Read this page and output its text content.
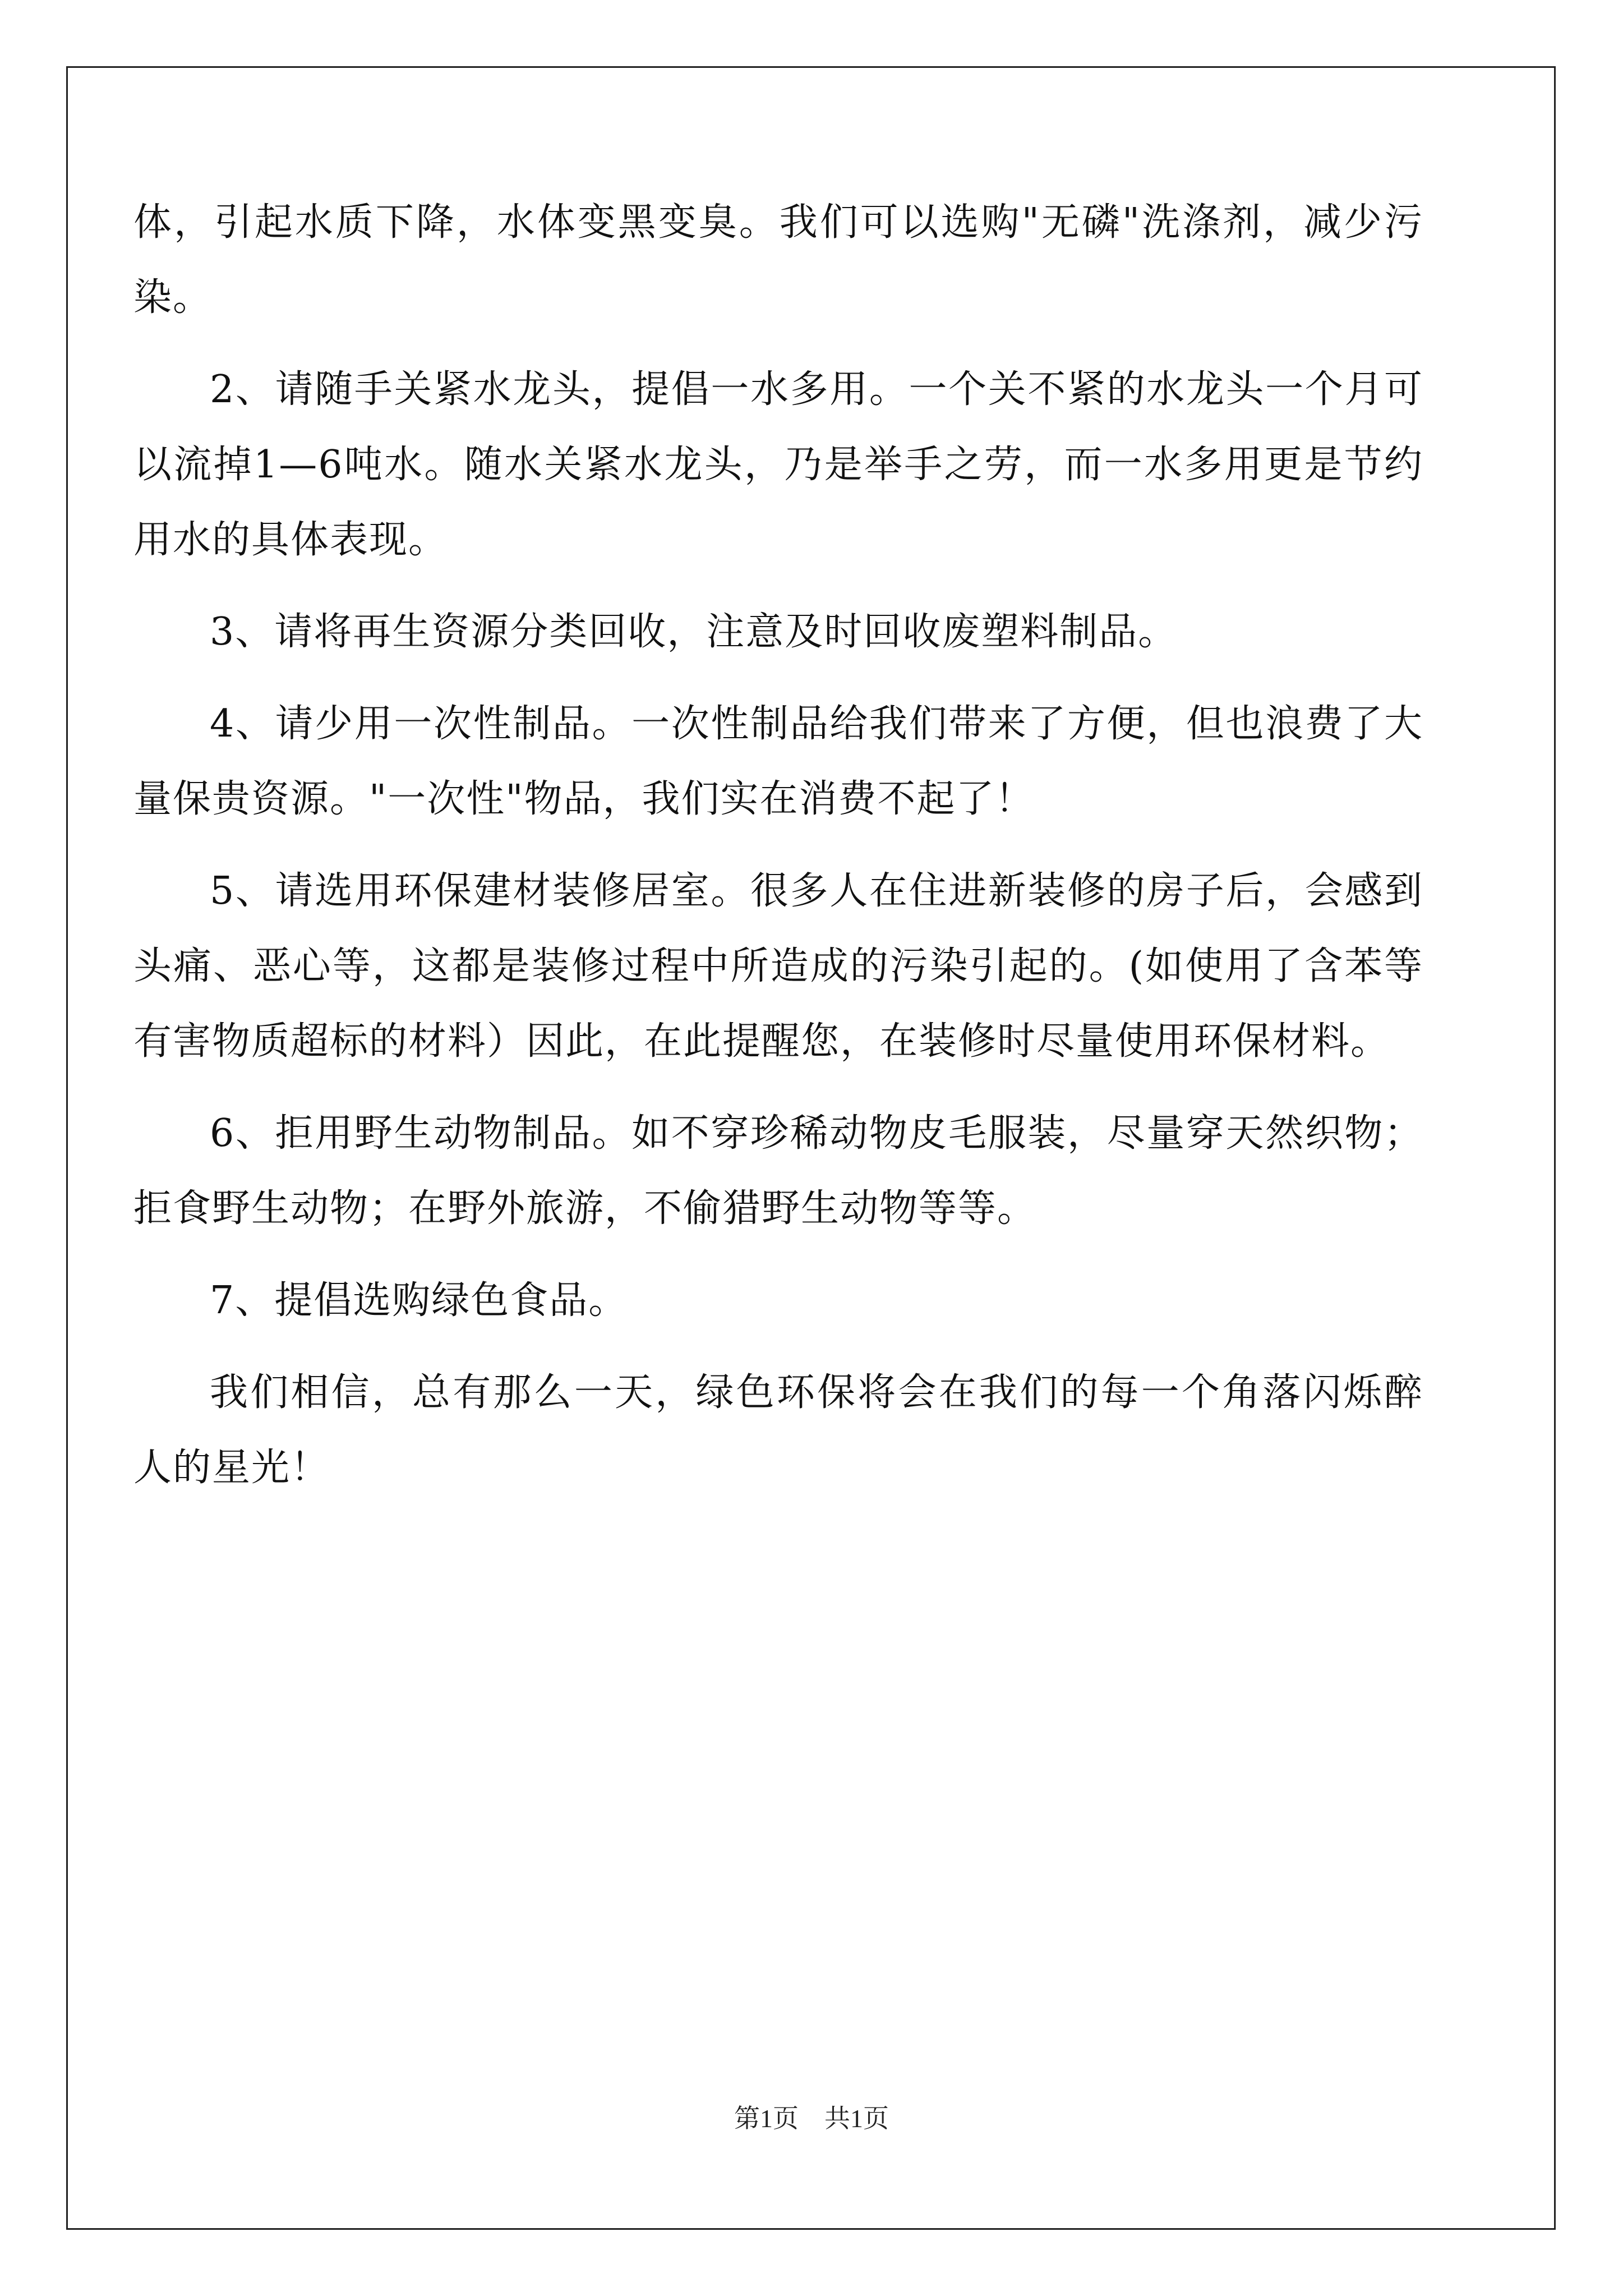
体，引起水质下降，水体变黑变臭。我们可以选购"无磷"洗涤剂，减少污染。

2、请随手关紧水龙头，提倡一水多用。一个关不紧的水龙头一个月可以流掉1—6吨水。随水关紧水龙头，乃是举手之劳，而一水多用更是节约用水的具体表现。

3、请将再生资源分类回收，注意及时回收废塑料制品。

4、请少用一次性制品。一次性制品给我们带来了方便，但也浪费了大量保贵资源。"一次性"物品，我们实在消费不起了！

5、请选用环保建材装修居室。很多人在住进新装修的房子后，会感到头痛、恶心等，这都是装修过程中所造成的污染引起的。(如使用了含苯等有害物质超标的材料）因此，在此提醒您，在装修时尽量使用环保材料。

6、拒用野生动物制品。如不穿珍稀动物皮毛服装，尽量穿天然织物；拒食野生动物；在野外旅游，不偷猎野生动物等等。

7、提倡选购绿色食品。

我们相信，总有那么一天，绿色环保将会在我们的每一个角落闪烁醉人的星光！

第1页　共1页
